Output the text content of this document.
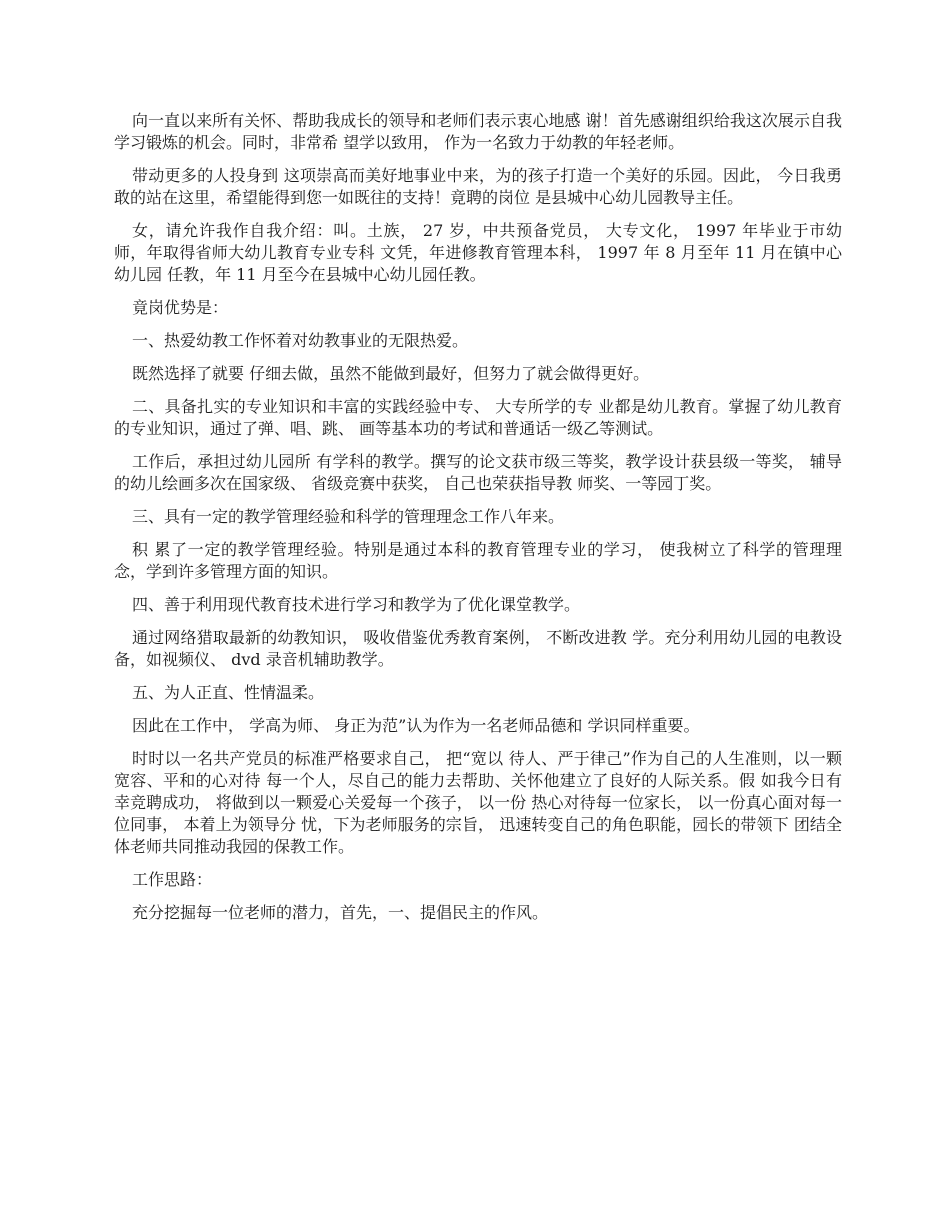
向一直以来所有关怀、帮助我成长的领导和老师们表示衷心地感 谢！首先感谢组织给我这次展示自我学习锻炼的机会。同时，非常希 望学以致用， 作为一名致力于幼教的年轻老师。

带动更多的人投身到 这项崇高而美好地事业中来，为的孩子打造一个美好的乐园。因此， 今日我勇敢的站在这里，希望能得到您一如既往的支持！竟聘的岗位 是县城中心幼儿园教导主任。

女，请允许我作自我介绍：叫。土族， 27 岁，中共预备党员， 大专文化， 1997 年毕业于市幼师，年取得省师大幼儿教育专业专科 文凭，年进修教育管理本科， 1997 年 8 月至年 11 月在镇中心幼儿园 任教，年 11 月至今在县城中心幼儿园任教。

竟岗优势是：

一、热爱幼教工作怀着对幼教事业的无限热爱。

既然选择了就要 仔细去做，虽然不能做到最好，但努力了就会做得更好。

二、具备扎实的专业知识和丰富的实践经验中专、 大专所学的专 业都是幼儿教育。掌握了幼儿教育的专业知识，通过了弹、唱、跳、 画等基本功的考试和普通话一级乙等测试。

工作后，承担过幼儿园所 有学科的教学。撰写的论文获市级三等奖，教学设计获县级一等奖， 辅导的幼儿绘画多次在国家级、 省级竞赛中获奖， 自己也荣获指导教 师奖、一等园丁奖。

三、具有一定的教学管理经验和科学的管理理念工作八年来。

积 累了一定的教学管理经验。特别是通过本科的教育管理专业的学习， 使我树立了科学的管理理念，学到许多管理方面的知识。

四、善于利用现代教育技术进行学习和教学为了优化课堂教学。

通过网络猎取最新的幼教知识， 吸收借鉴优秀教育案例， 不断改进教 学。充分利用幼儿园的电教设备，如视频仪、 dvd 录音机辅助教学。

五、为人正直、性情温柔。

因此在工作中， 学高为师、 身正为范”认为作为一名老师品德和 学识同样重要。

时时以一名共产党员的标准严格要求自己， 把“宽以 待人、严于律己”作为自己的人生准则，以一颗宽容、平和的心对待 每一个人，尽自己的能力去帮助、关怀他建立了良好的人际关系。假 如我今日有幸竞聘成功， 将做到以一颗爱心关爱每一个孩子， 以一份 热心对待每一位家长， 以一份真心面对每一位同事， 本着上为领导分 忧，下为老师服务的宗旨， 迅速转变自己的角色职能，园长的带领下 团结全体老师共同推动我园的保教工作。

工作思路：

充分挖掘每一位老师的潜力，首先，一、提倡民主的作风。
